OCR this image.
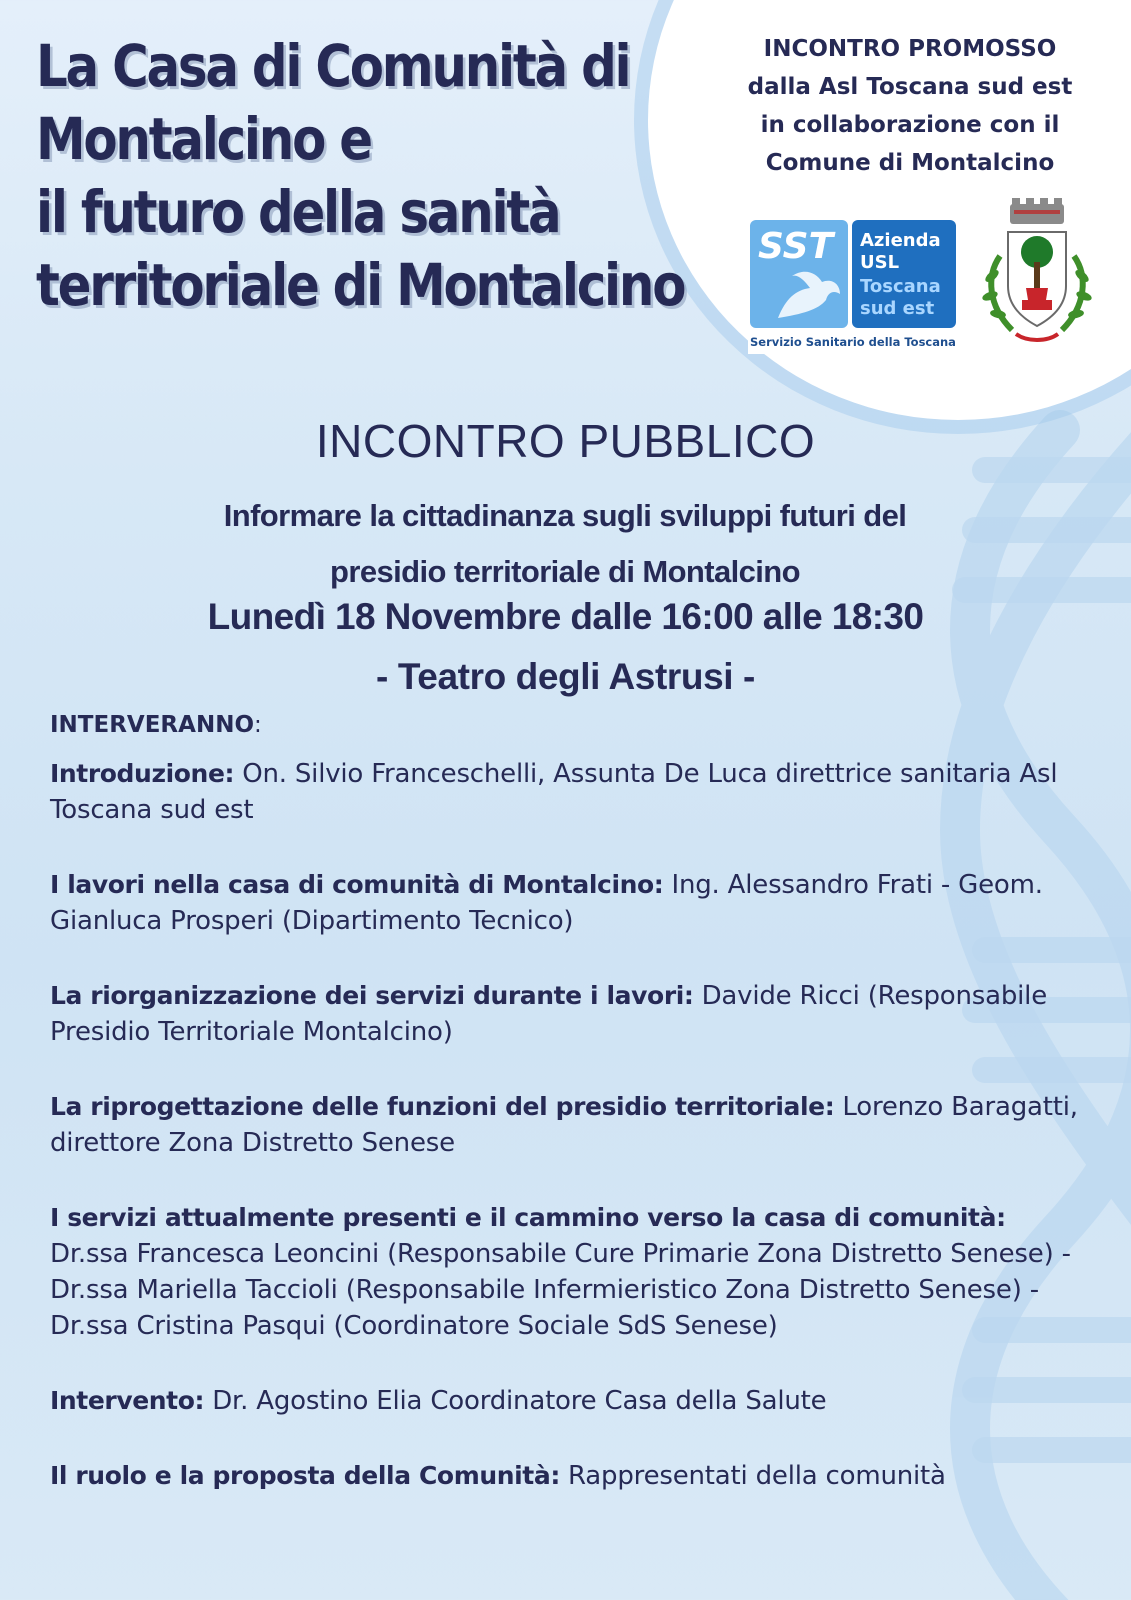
La Casa di Comunità di
Montalcino e
il futuro della sanità
territoriale di Montalcino
INCONTRO PROMOSSO
dalla Asl Toscana sud est
in collaborazione con il
Comune di Montalcino
SST Azienda
USL
Toscana
sud est
Servizio Sanitario della Toscana
INCONTRO PUBBLICO
Informare la cittadinanza sugli sviluppi futuri del
presidio territoriale di Montalcino
Lunedì 18 Novembre dalle 16:00 alle 18:30
- Teatro degli Astrusi -
INTERVERANNO:
Introduzione: On. Silvio Franceschelli, Assunta De Luca direttrice sanitaria Asl Toscana sud est
I lavori nella casa di comunità di Montalcino: Ing. Alessandro Frati - Geom. Gianluca Prosperi (Dipartimento Tecnico)
La riorganizzazione dei servizi durante i lavori: Davide Ricci (Responsabile Presidio Territoriale Montalcino)
La riprogettazione delle funzioni del presidio territoriale: Lorenzo Baragatti, direttore Zona Distretto Senese
I servizi attualmente presenti e il cammino verso la casa di comunità: Dr.ssa Francesca Leoncini (Responsabile Cure Primarie Zona Distretto Senese) - Dr.ssa Mariella Taccioli (Responsabile Infermieristico Zona Distretto Senese) - Dr.ssa Cristina Pasqui (Coordinatore Sociale SdS Senese)
Intervento: Dr. Agostino Elia Coordinatore Casa della Salute
Il ruolo e la proposta della Comunità: Rappresentati della comunità
